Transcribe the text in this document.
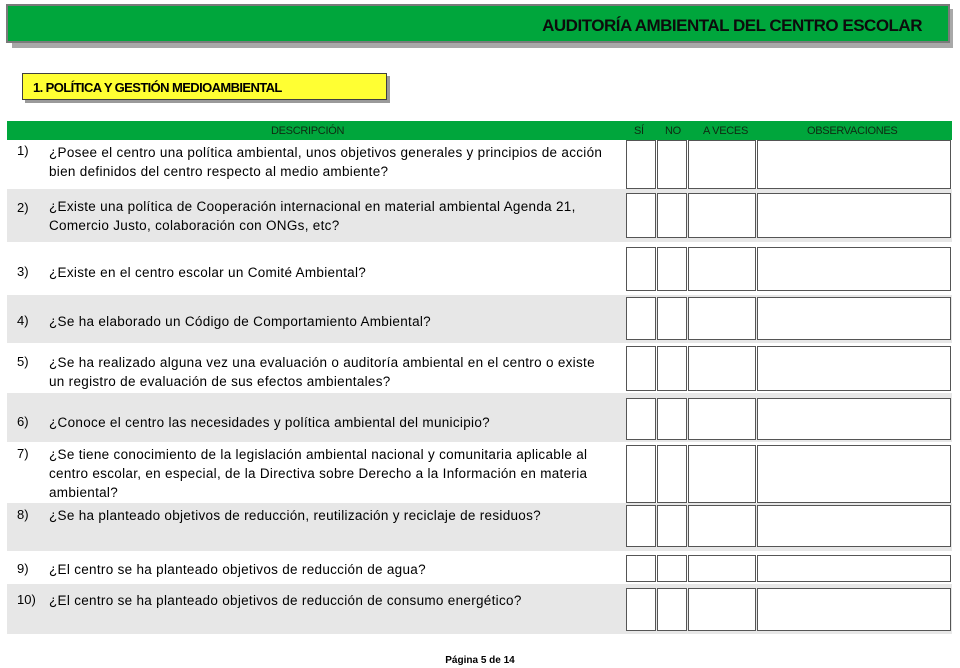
AUDITORÍA AMBIENTAL DEL CENTRO ESCOLAR
1. POLÍTICA Y GESTIÓN MEDIOAMBIENTAL
DESCRIPCIÓN	SÍ NO A VECES	OBSERVACIONES
1) ¿Posee el centro una política ambiental, unos objetivos generales y principios de acción bien definidos del centro respecto al medio ambiente?
2) ¿Existe una política de Cooperación internacional en material ambiental Agenda 21, Comercio Justo, colaboración con ONGs, etc?
3) ¿Existe en el centro escolar un Comité Ambiental?
4) ¿Se ha elaborado un Código de Comportamiento Ambiental?
5) ¿Se ha realizado alguna vez una evaluación o auditoría ambiental en el centro o existe un registro de evaluación de sus efectos ambientales?
6) ¿Conoce el centro las necesidades y política ambiental del municipio?
7) ¿Se tiene conocimiento de la legislación ambiental nacional y comunitaria aplicable al centro escolar, en especial, de la Directiva sobre Derecho a la Información en materia ambiental?
8) ¿Se ha planteado objetivos de reducción, reutilización y reciclaje de residuos?
9) ¿El centro se ha planteado objetivos de reducción de agua?
10) ¿El centro se ha planteado objetivos de reducción de consumo energético?
Página 5 de 14
